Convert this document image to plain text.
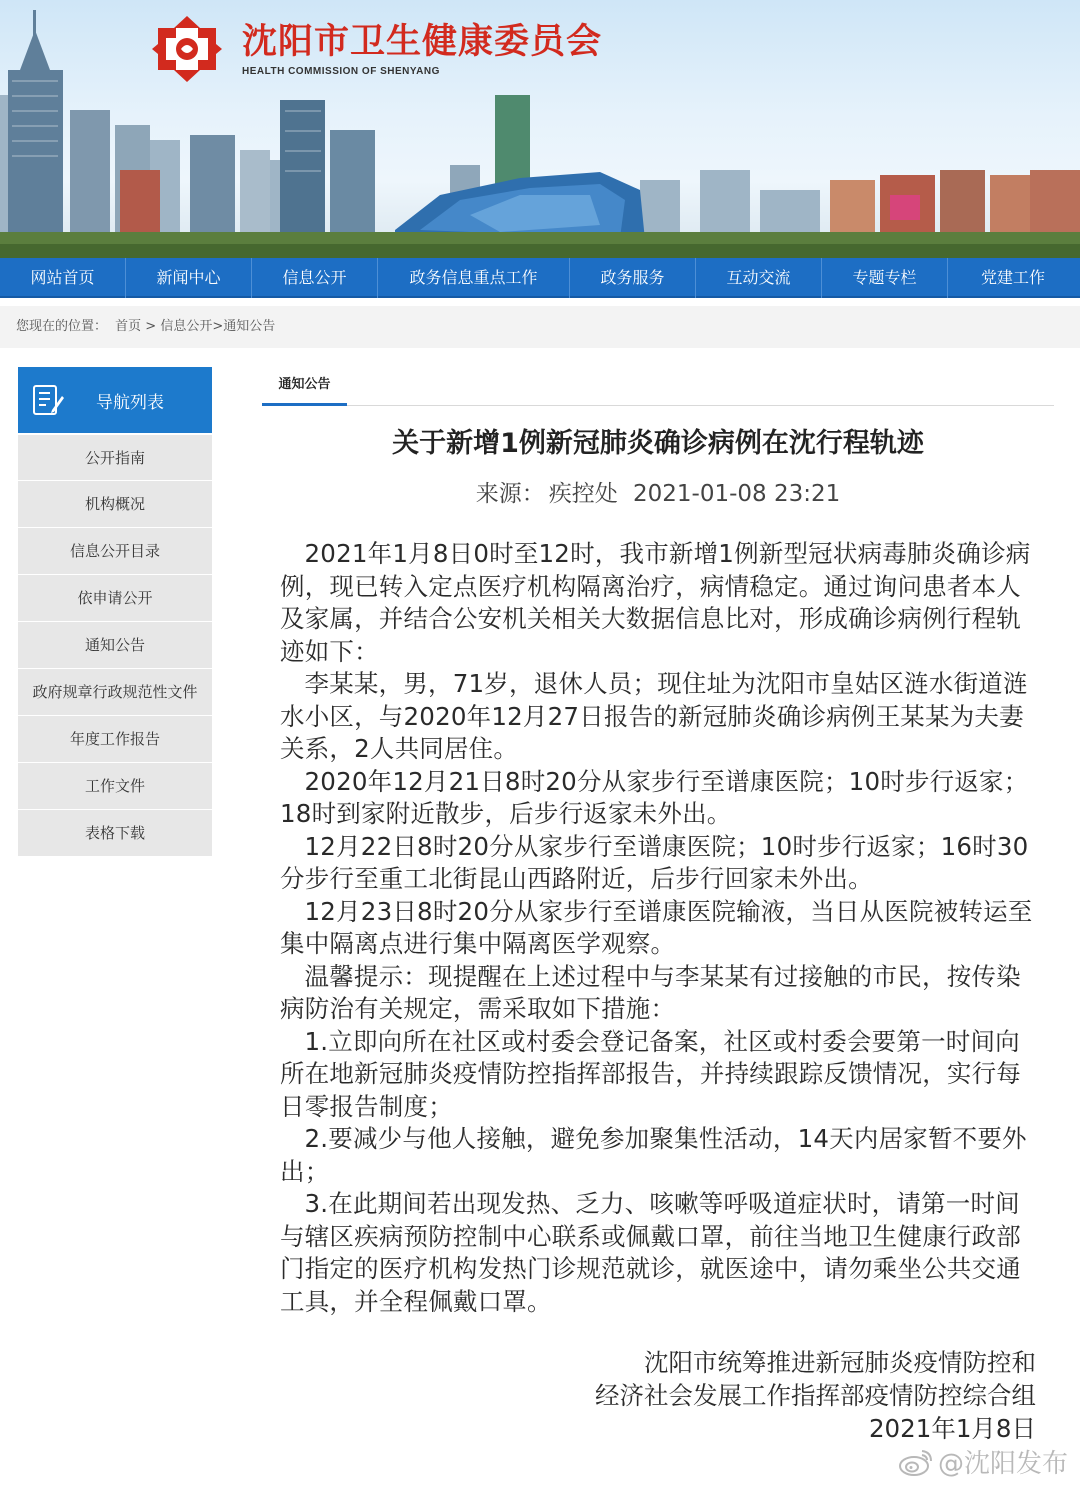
沈阳市卫生健康委员会
HEALTH COMMISSION OF SHENYANG
网站首页	新闻中心	信息公开	政务信息重点工作	政务服务	互动交流	专题专栏	党建工作
您现在的位置： 首页 > 信息公开>通知公告
导航列表
公开指南
机构概况
信息公开目录
依申请公开
通知公告
政府规章行政规范性文件
年度工作报告
工作文件
表格下载
通知公告
关于新增1例新冠肺炎确诊病例在沈行程轨迹
来源： 疾控处 2021-01-08 23:21

2021年1月8日0时至12时，我市新增1例新型冠状病毒肺炎确诊病例，现已转入定点医疗机构隔离治疗，病情稳定。通过询问患者本人及家属，并结合公安机关相关大数据信息比对，形成确诊病例行程轨迹如下：

李某某，男，71岁，退休人员；现住址为沈阳市皇姑区涟水街道涟水小区，与2020年12月27日报告的新冠肺炎确诊病例王某某为夫妻关系，2人共同居住。

2020年12月21日8时20分从家步行至谱康医院；10时步行返家；18时到家附近散步，后步行返家未外出。

12月22日8时20分从家步行至谱康医院；10时步行返家；16时30分步行至重工北街昆山西路附近，后步行回家未外出。

12月23日8时20分从家步行至谱康医院输液，当日从医院被转运至集中隔离点进行集中隔离医学观察。

温馨提示：现提醒在上述过程中与李某某有过接触的市民，按传染病防治有关规定，需采取如下措施：

1.立即向所在社区或村委会登记备案，社区或村委会要第一时间向所在地新冠肺炎疫情防控指挥部报告，并持续跟踪反馈情况，实行每日零报告制度；

2.要减少与他人接触，避免参加聚集性活动，14天内居家暂不要外出；

3.在此期间若出现发热、乏力、咳嗽等呼吸道症状时，请第一时间与辖区疾病预防控制中心联系或佩戴口罩，前往当地卫生健康行政部门指定的医疗机构发热门诊规范就诊，就医途中，请勿乘坐公共交通工具，并全程佩戴口罩。

沈阳市统筹推进新冠肺炎疫情防控和
经济社会发展工作指挥部疫情防控综合组
2021年1月8日
@沈阳发布
